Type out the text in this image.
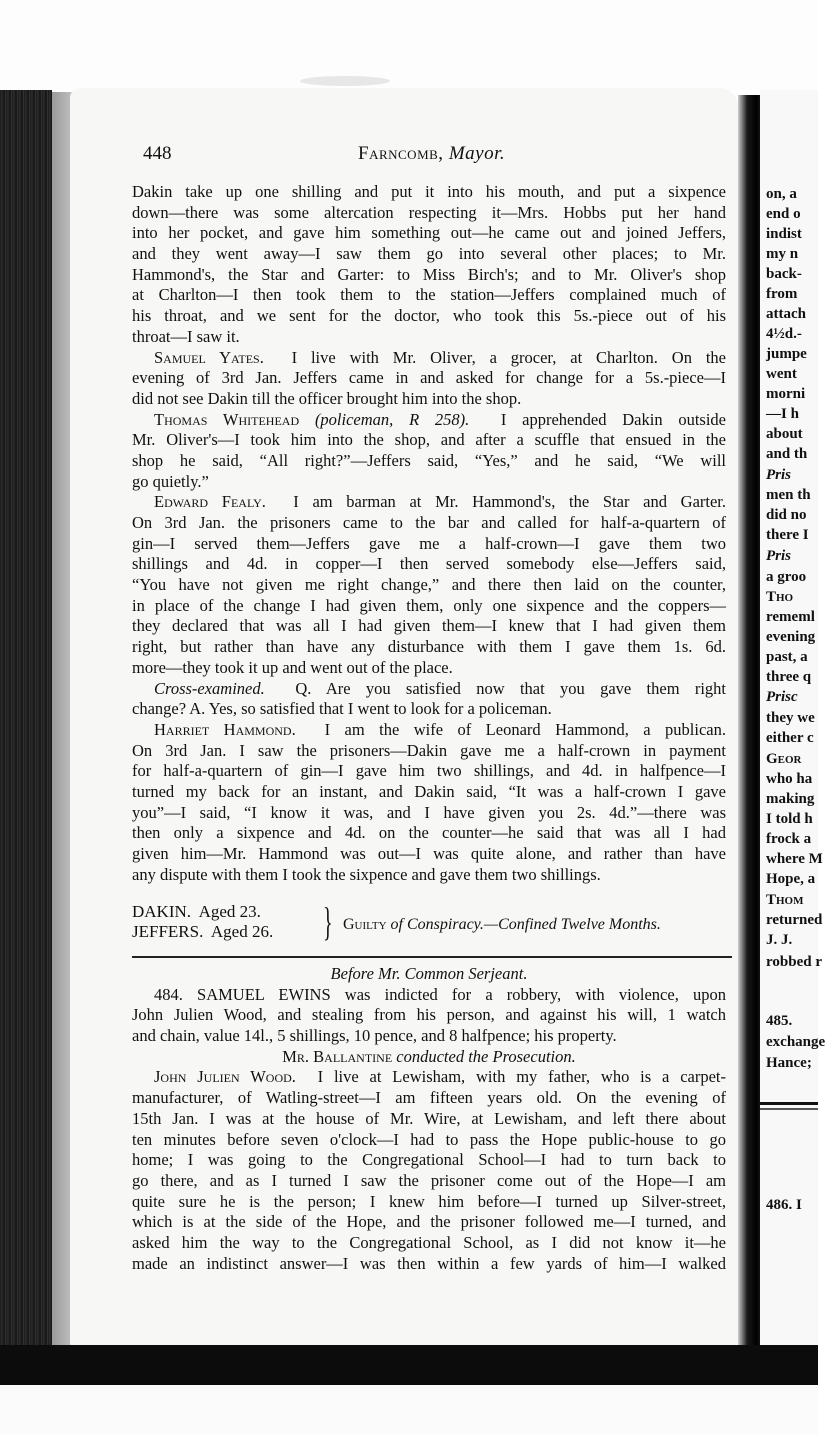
448	Farncomb, Mayor.
Dakin take up one shilling and put it into his mouth, and put a sixpence
down—there was some altercation respecting it—Mrs. Hobbs put her hand
into her pocket, and gave him something out—he came out and joined Jeffers,
and they went away—I saw them go into several other places; to Mr.
Hammond's, the Star and Garter: to Miss Birch's; and to Mr. Oliver's shop
at Charlton—I then took them to the station—Jeffers complained much of
his throat, and we sent for the doctor, who took this 5s.-piece out of his
throat—I saw it.
Samuel Yates. I live with Mr. Oliver, a grocer, at Charlton. On the
evening of 3rd Jan. Jeffers came in and asked for change for a 5s.-piece—I
did not see Dakin till the officer brought him into the shop.
Thomas Whitehead (policeman, R 258). I apprehended Dakin outside
Mr. Oliver's—I took him into the shop, and after a scuffle that ensued in the
shop he said, “All right?”—Jeffers said, “Yes,” and he said, “We will
go quietly.”
Edward Fealy. I am barman at Mr. Hammond's, the Star and Garter.
On 3rd Jan. the prisoners came to the bar and called for half-a-quartern of
gin—I served them—Jeffers gave me a half-crown—I gave them two
shillings and 4d. in copper—I then served somebody else—Jeffers said,
“You have not given me right change,” and there then laid on the counter,
in place of the change I had given them, only one sixpence and the coppers—
they declared that was all I had given them—I knew that I had given them
right, but rather than have any disturbance with them I gave them 1s. 6d.
more—they took it up and went out of the place.
Cross-examined. Q. Are you satisfied now that you gave them right
change? A. Yes, so satisfied that I went to look for a policeman.
Harriet Hammond. I am the wife of Leonard Hammond, a publican.
On 3rd Jan. I saw the prisoners—Dakin gave me a half-crown in payment
for half-a-quartern of gin—I gave him two shillings, and 4d. in halfpence—I
turned my back for an instant, and Dakin said, “It was a half-crown I gave
you”—I said, “I know it was, and I have given you 2s. 4d.”—there was
then only a sixpence and 4d. on the counter—he said that was all I had
given him—Mr. Hammond was out—I was quite alone, and rather than have
any dispute with them I took the sixpence and gave them two shillings.
DAKIN. Aged 23.
JEFFERS. Aged 26. } Guilty of Conspiracy.—Confined Twelve Months.
Before Mr. Common Serjeant.
484. SAMUEL EWINS was indicted for a robbery, with violence, upon
John Julien Wood, and stealing from his person, and against his will, 1 watch
and chain, value 14l., 5 shillings, 10 pence, and 8 halfpence; his property.
Mr. Ballantine conducted the Prosecution.
John Julien Wood. I live at Lewisham, with my father, who is a carpet-
manufacturer, of Watling-street—I am fifteen years old. On the evening of
15th Jan. I was at the house of Mr. Wire, at Lewisham, and left there about
ten minutes before seven o'clock—I had to pass the Hope public-house to go
home; I was going to the Congregational School—I had to turn back to
go there, and as I turned I saw the prisoner come out of the Hope—I am
quite sure he is the person; I knew him before—I turned up Silver-street,
which is at the side of the Hope, and the prisoner followed me—I turned, and
asked him the way to the Congregational School, as I did not know it—he
made an indistinct answer—I was then within a few yards of him—I walked
on, a
end o
indist
my n
back-
from
attach
4½d.-
jumpe
went
morni
—I h
about
and th
Pris
men th
did no
there I
Pris
a groo
Tho
rememl
evening
past, a
three q
Prisc
they we
either c
Geor
who ha
making
I told h
frock a
where M
Hope, a
Thom
returned
J. J.
robbed r
485.
exchange
Hance;
486. I
